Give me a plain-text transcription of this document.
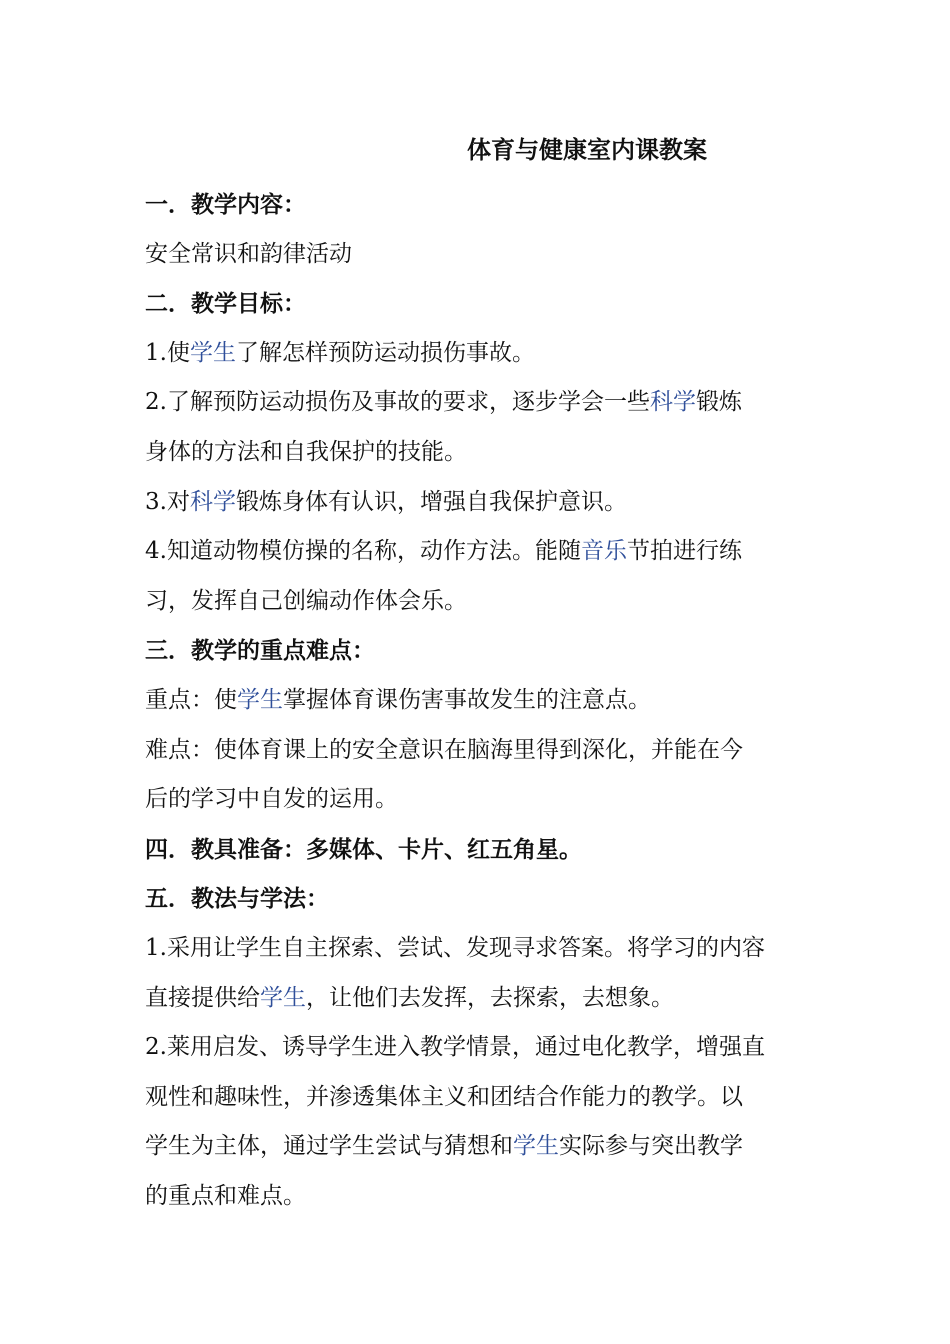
体育与健康室内课教案

一．教学内容：

安全常识和韵律活动

二．教学目标：

1.使学生了解怎样预防运动损伤事故。

2.了解预防运动损伤及事故的要求，逐步学会一些科学锻炼

身体的方法和自我保护的技能。

3.对科学锻炼身体有认识，增强自我保护意识。

4.知道动物模仿操的名称，动作方法。能随音乐节拍进行练

习，发挥自己创编动作体会乐。

三．教学的重点难点：

重点：使学生掌握体育课伤害事故发生的注意点。

难点：使体育课上的安全意识在脑海里得到深化，并能在今

后的学习中自发的运用。

四．教具准备：多媒体、卡片、红五角星。

五．教法与学法：

1.采用让学生自主探索、尝试、发现寻求答案。将学习的内容

直接提供给学生，让他们去发挥，去探索，去想象。

2.莱用启发、诱导学生进入教学情景，通过电化教学，增强直

观性和趣味性，并渗透集体主义和团结合作能力的教学。以

学生为主体，通过学生尝试与猜想和学生实际参与突出教学

的重点和难点。
